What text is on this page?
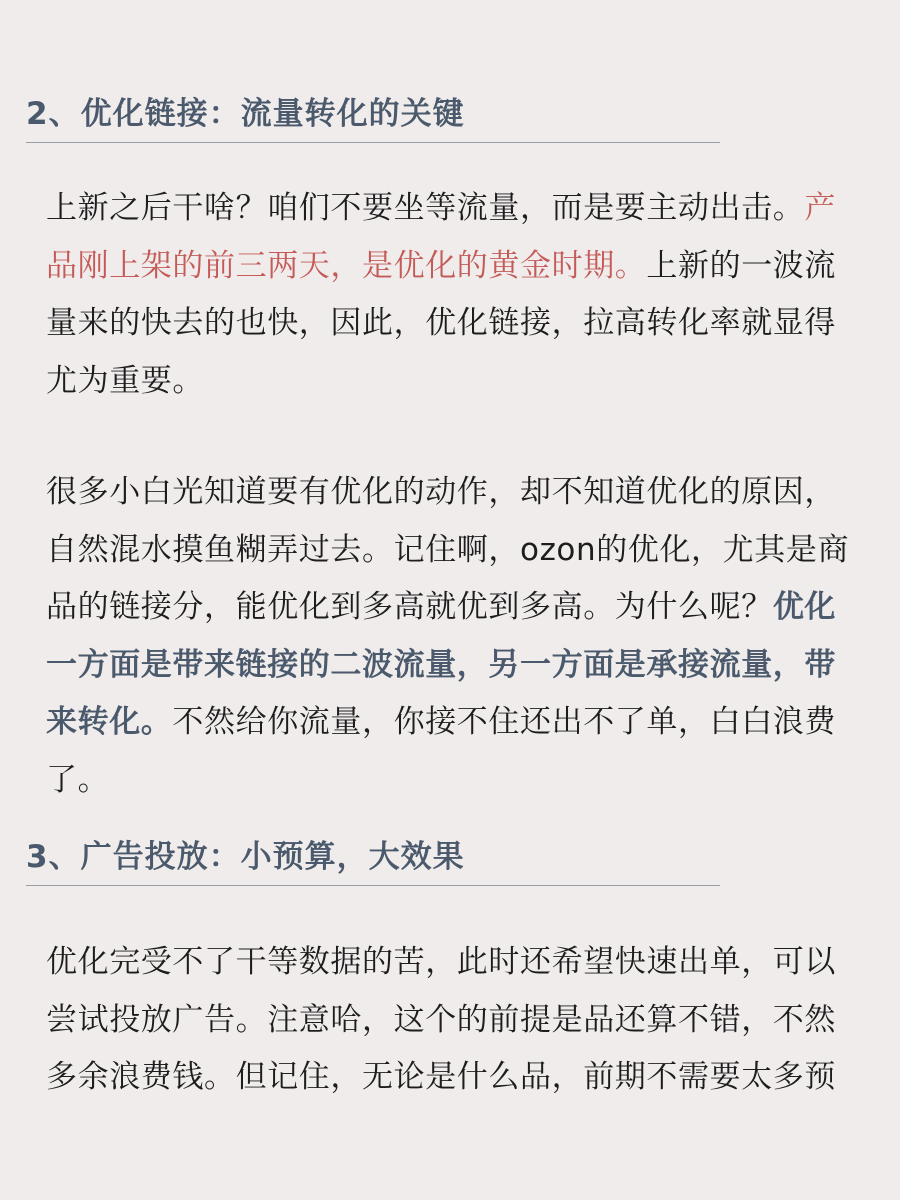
2、优化链接：流量转化的关键

上新之后干啥？咱们不要坐等流量，而是要主动出击。产
品刚上架的前三两天，是优化的黄金时期。上新的一波流
量来的快去的也快，因此，优化链接，拉高转化率就显得
尤为重要。

很多小白光知道要有优化的动作，却不知道优化的原因，
自然混水摸鱼糊弄过去。记住啊，ozon的优化，尤其是商
品的链接分，能优化到多高就优到多高。为什么呢？优化
一方面是带来链接的二波流量，另一方面是承接流量，带
来转化。不然给你流量，你接不住还出不了单，白白浪费
了。

3、广告投放：小预算，大效果

优化完受不了干等数据的苦，此时还希望快速出单，可以
尝试投放广告。注意哈，这个的前提是品还算不错，不然
多余浪费钱。但记住，无论是什么品，前期不需要太多预
